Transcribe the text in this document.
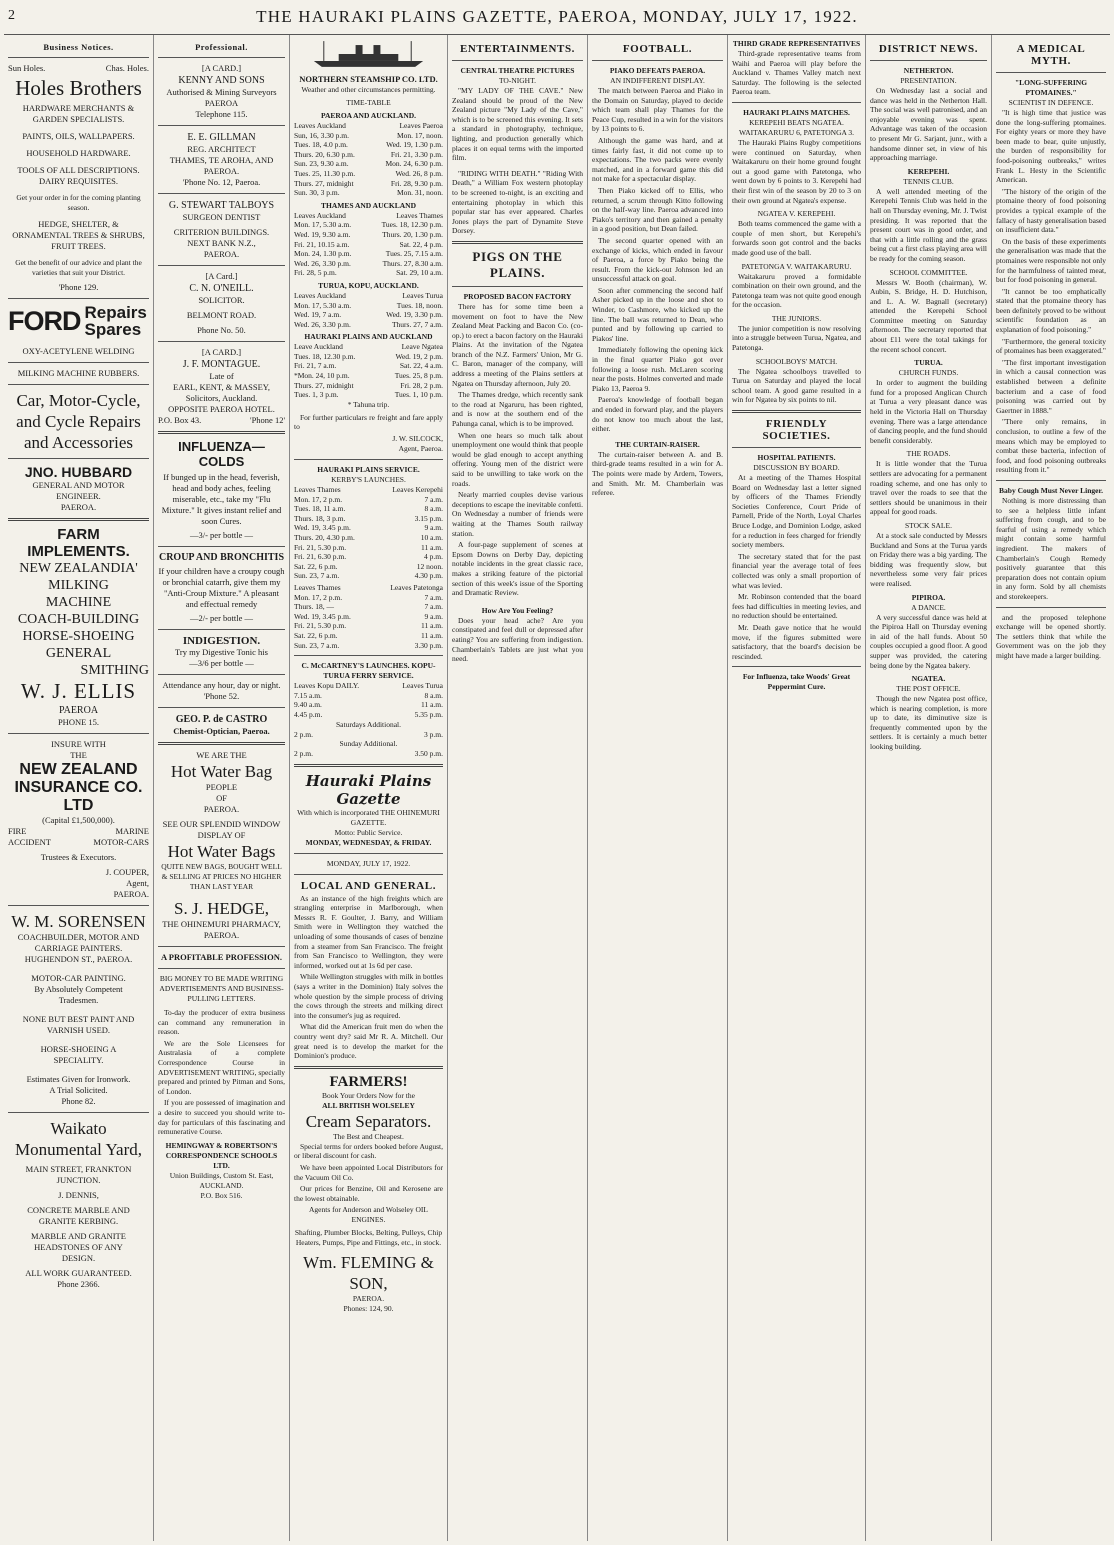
2	THE HAURAKI PLAINS GAZETTE, PAEROA, MONDAY, JULY 17, 1922.
Business Notices.
Sun Holes.	Chas. Holes.
Holes Brothers
HARDWARE MERCHANTS &
GARDEN SPECIALISTS.
PAINTS, OILS, WALLPAPERS.
HOUSEHOLD HARDWARE.
TOOLS OF ALL DESCRIPTIONS.
DAIRY REQUISITES.
Get your order in for the coming planting season.
HEDGE, SHELTER, & ORNAMENTAL TREES & SHRUBS, FRUIT TREES.
Get the benefit of our advice and plant the varieties that suit your District.
'Phone 129.
FORD Repairs
Spares
OXY-ACETYLENE WELDING
MILKING MACHINE RUBBERS.
Car, Motor-Cycle,
and Cycle Repairs
and Accessories
JNO. HUBBARD
GENERAL AND MOTOR
ENGINEER.
PAEROA.
FARM IMPLEMENTS.
NEW ZEALANDIA'
MILKING
MACHINE
COACH-BUILDING
HORSE-SHOEING
GENERAL
SMITHING
W. J. ELLIS
PAEROA
PHONE 15.
INSURE WITH
THE
NEW ZEALAND INSURANCE CO. LTD
(Capital £1,500,000).
FIRE	MARINE
ACCIDENT	MOTOR-CARS
Trustees & Executors.
J. COUPER,
Agent,
PAEROA.
W. M. SORENSEN
COACHBUILDER, MOTOR AND
CARRIAGE PAINTERS.
HUGHENDON ST., PAEROA.
MOTOR-CAR PAINTING.
By Absolutely Competent
Tradesmen.
NONE BUT BEST PAINT AND
VARNISH USED.
HORSE-SHOEING A
SPECIALITY.
Estimates Given for Ironwork.
A Trial Solicited.
Phone 82.
Waikato Monumental Yard,
MAIN STREET, FRANKTON
JUNCTION.
J. DENNIS,
CONCRETE MARBLE AND
GRANITE KERBING.
MARBLE AND GRANITE
HEADSTONES OF ANY
DESIGN.
ALL WORK GUARANTEED.
Phone 2366.
Professional.
[A CARD.]
KENNY AND SONS
Authorised & Mining Surveyors
PAEROA
Telephone 115.
E. E. GILLMAN
REG. ARCHITECT
THAMES, TE AROHA, AND PAEROA.
'Phone No. 12, Paeroa.
G. STEWART TALBOYS
SURGEON DENTIST
CRITERION BUILDINGS.
NEXT BANK N.Z.,
PAEROA.
[A Card.]
C. N. O'NEILL.
SOLICITOR.
BELMONT ROAD.
Phone No. 50.
[A CARD.]
J. F. MONTAGUE.
Late of
EARL, KENT, & MASSEY,
Solicitors, Auckland.
OPPOSITE PAEROA HOTEL.
P.O. Box 43.	'Phone 12'
INFLUENZA—COLDS
If bunged up in the head, feverish, head and body aches, feeling miserable, etc., take my "Flu Mixture." It gives instant relief and soon Cures.
—3/- per bottle —
CROUP AND BRONCHITIS
If your children have a croupy cough or bronchial catarrh, give them my "Anti-Croup Mixture." A pleasant and effectual remedy
—2/- per bottle —
INDIGESTION.
Try my Digestive Tonic his
—3/6 per bottle —
Attendance any hour, day or night. 'Phone 52.
GEO. P. de CASTRO
Chemist-Optician, Paeroa.
WE ARE THE
Hot Water Bag
PEOPLE
OF
PAEROA.
SEE OUR SPLENDID WINDOW
DISPLAY OF
Hot Water Bags
QUITE NEW BAGS, BOUGHT WELL & SELLING AT PRICES NO HIGHER THAN LAST YEAR
S. J. HEDGE,
THE OHINEMURI PHARMACY,
PAEROA.
A PROFITABLE PROFESSION.
BIG MONEY TO BE MADE WRITING ADVERTISEMENTS AND BUSINESS-PULLING LETTERS.
To-day the producer of extra business can command any remuneration in reason.
We are the Sole Licensees for Australasia of a complete Correspondence Course in ADVERTISEMENT WRITING, specially prepared and printed by Pitman and Sons, of London.
If you are possessed of imagination and a desire to succeed you should write to-day for particulars of this fascinating and remunerative Course.
HEMINGWAY & ROBERTSON'S CORRESPONDENCE SCHOOLS LTD.
Union Buildings, Custom St. East, AUCKLAND.
P.O. Box 516.
NORTHERN STEAMSHIP CO. LTD.
Weather and other circumstances permitting.
TIME-TABLE
PAEROA AND AUCKLAND.
Leaves Auckland	Leaves Paeroa
Sun, 16, 3.30 p.m.	Mon. 17, noon.
Tues. 18, 4.0 p.m.	Wed. 19, 1.30 p.m.
Thurs. 20, 6.30 p.m.	Fri. 21, 3.30 p.m.
Sun. 23, 9.30 a.m.	Mon. 24, 6.30 p.m.
Tues. 25, 11.30 p.m.	Wed. 26, 8 p.m.
Thurs. 27, midnight	Fri. 28, 9.30 p.m.
Sun. 30, 3 p.m.	Mon. 31, noon.
THAMES AND AUCKLAND
Leaves Auckland	Leaves Thames
Mon. 17, 5.30 a.m.	Tues. 18, 12.30 p.m.
Wed. 19, 9.30 a.m.	Thurs. 20, 1.30 p.m.
Fri. 21, 10.15 a.m.	Sat. 22, 4 p.m.
Mon. 24, 1.30 p.m.	Tues. 25, 7.15 a.m.
Wed. 26, 3.30 p.m.	Thurs. 27, 8.30 a.m.
Fri. 28, 5 p.m.	Sat. 29, 10 a.m.
TURUA, KOPU, AUCKLAND.
Leaves Auckland	Leaves Turua
Mon. 17, 5.30 a.m.	Tues. 18, noon.
Wed. 19, 7 a.m.	Wed. 19, 3.30 p.m.
Wed. 26, 3.30 p.m.	Thurs. 27, 7 a.m.
HAURAKI PLAINS AND AUCKLAND
Leave Auckland	Leave Ngatea
Tues. 18, 12.30 p.m.	Wed. 19, 2 p.m.
Fri. 21, 7 a.m.	Sat. 22, 4 a.m.
*Mon. 24, 10 p.m.	Tues. 25, 8 p.m.
Thurs. 27, midnight	Fri. 28, 2 p.m.
Tues. 1, 3 p.m.	Tues. 1, 10 p.m.
* Tahuna trip.
For further particulars re freight and fare apply to
J. W. SILCOCK,
Agent, Paeroa.
HAURAKI PLAINS SERVICE.
KERBY'S LAUNCHES.
Leaves Thames	Leaves Kerepehi
Mon. 17, 2 p.m.	7 a.m.
Tues. 18, 11 a.m.	8 a.m.
Thurs. 18, 3 p.m.	3.15 p.m.
Wed. 19, 3.45 p.m.	9 a.m.
Thurs. 20, 4.30 p.m.	10 a.m.
Fri. 21, 5.30 p.m.	11 a.m.
Fri. 21, 6.30 p.m.	4 p.m.
Sat. 22, 6 p.m.	12 noon.
Sun. 23, 7 a.m.	4.30 p.m.
Leaves Thames	Leaves Patetonga
Mon. 17, 2 p.m.	7 a.m.
Thurs. 18, —	7 a.m.
Wed. 19, 3.45 p.m.	9 a.m.
Fri. 21, 5.30 p.m.	11 a.m.
Sat. 22, 6 p.m.	11 a.m.
Sun. 23, 7 a.m.	3.30 p.m.
C. McCARTNEY'S LAUNCHES. KOPU-TURUA FERRY SERVICE.
Leaves Kopu DAILY.	Leaves Turua
7.15 a.m.	8 a.m.
9.40 a.m.	11 a.m.
4.45 p.m.	5.35 p.m.
Saturdays Additional.
2 p.m.	3 p.m.
Sunday Additional.
2 p.m.	3.50 p.m.
Hauraki Plains Gazette
With which is incorporated THE OHINEMURI GAZETTE.
Motto: Public Service.
MONDAY, WEDNESDAY, & FRIDAY.
MONDAY, JULY 17, 1922.
LOCAL AND GENERAL.
As an instance of the high freights which are strangling enterprise in Marlborough, when Messrs R. F. Goulter, J. Barry, and William Smith were in Wellington they watched the unloading of some thousands of cases of benzine from a steamer from San Francisco. The freight from San Francisco to Wellington, they were informed, worked out at 1s 6d per case.
While Wellington struggles with milk in bottles (says a writer in the Dominion) Italy solves the whole question by the simple process of driving the cows through the streets and milking direct into the consumer's jug as required.
What did the American fruit men do when the country went dry? said Mr R. A. Mitchell. Our great need is to develop the market for the Dominion's produce.
FARMERS!
Book Your Orders Now for the
ALL BRITISH WOLSELEY
Cream Separators.
The Best and Cheapest.
Special terms for orders booked before August, or liberal discount for cash.
We have been appointed Local Distributors for the Vacuum Oil Co.
Our prices for Benzine, Oil and Kerosene are the lowest obtainable.
Agents for Anderson and Wolseley OIL ENGINES.
Shafting, Plumber Blocks, Belting, Pulleys, Chip Heaters, Pumps, Pipe and Fittings, etc., in stock.
Wm. FLEMING & SON,
PAEROA.
Phones: 124, 90.
ENTERTAINMENTS.
CENTRAL THEATRE PICTURES
TO-NIGHT.
"MY LADY OF THE CAVE." New Zealand should be proud of the New Zealand picture "My Lady of the Cave," which is to be screened this evening. It sets a standard in photography, technique, lighting, and production generally which places it on equal terms with the imported film.
"RIDING WITH DEATH." "Riding With Death," a William Fox western photoplay to be screened to-night, is an exciting and entertaining photoplay in which this popular star has ever appeared. Charles Jones plays the part of Dynamite Steve Dorsey.
PIGS ON THE PLAINS.
PROPOSED BACON FACTORY
There has for some time been a movement on foot to have the New Zealand Meat Packing and Bacon Co. (co-op.) to erect a bacon factory on the Hauraki Plains. At the invitation of the Ngatea branch of the N.Z. Farmers' Union, Mr G. C. Baron, manager of the company, will address a meeting of the Plains settlers at Ngatea on Thursday afternoon, July 20.
The Thames dredge, which recently sank to the road at Ngaruru, has been righted, and is now at the southern end of the Pahunga canal, which is to be improved.
When one hears so much talk about unemployment one would think that people would be glad enough to accept anything offering. Young men of the district were said to be unwilling to take work on the roads.
Nearly married couples devise various deceptions to escape the inevitable confetti. On Wednesday a number of friends were waiting at the Thames South railway station.
A four-page supplement of scenes at Epsom Downs on Derby Day, depicting notable incidents in the great classic race, makes a striking feature of the pictorial section of this week's issue of the Sporting and Dramatic Review.
How Are You Feeling?
Does your head ache? Are you constipated and feel dull or depressed after eating? You are suffering from indigestion. Chamberlain's Tablets are just what you need.
FOOTBALL.
PIAKO DEFEATS PAEROA.
AN INDIFFERENT DISPLAY.
The match between Paeroa and Piako in the Domain on Saturday, played to decide which team shall play Thames for the Peace Cup, resulted in a win for the visitors by 13 points to 6.
Although the game was hard, and at times fairly fast, it did not come up to expectations. The two packs were evenly matched, and in a forward game this did not make for a spectacular display.
Then Piako kicked off to Ellis, who returned, a scrum through Kitto following on the half-way line. Paeroa advanced into Piako's territory and then gained a penalty in a good position, but Dean failed.
The second quarter opened with an exchange of kicks, which ended in favour of Paeroa, a force by Piako being the result. From the kick-out Johnson led an unsuccessful attack on goal.
Soon after commencing the second half Asher picked up in the loose and shot to Winder, to Cashmore, who kicked up the line. The ball was returned to Dean, who punted and by following up carried to Piakos' line.
Immediately following the opening kick in the final quarter Piako got over following a loose rush. McLaren scoring near the posts. Holmes converted and made Piako 13, Paeroa 9.
Paeroa's knowledge of football began and ended in forward play, and the players do not know too much about the last, either.
THE CURTAIN-RAISER.
The curtain-raiser between A. and B. third-grade teams resulted in a win for A. The points were made by Ardern, Towers, and Smith. Mr. M. Chamberlain was referee.
THIRD GRADE REPRESENTATIVES
Third-grade representative teams from Waihi and Paeroa will play before the Auckland v. Thames Valley match next Saturday. The following is the selected Paeroa team.
HAURAKI PLAINS MATCHES.
KEREPEHI BEATS NGATEA.
WAITAKARURU 6, PATETONGA 3.
The Hauraki Plains Rugby competitions were continued on Saturday, when Waitakaruru on their home ground fought out a good game with Patetonga, who went down by 6 points to 3. Kerepehi had their first win of the season by 20 to 3 on their own ground at Ngatea's expense.
NGATEA V. KEREPEHI.
Both teams commenced the game with a couple of men short, but Kerepehi's forwards soon got control and the backs made good use of the ball.
PATETONGA V. WAITAKARURU.
Waitakaruru proved a formidable combination on their own ground, and the Patetonga team was not quite good enough for the occasion.
THE JUNIORS.
The junior competition is now resolving into a struggle between Turua, Ngatea, and Patetonga.
SCHOOLBOYS' MATCH.
The Ngatea schoolboys travelled to Turua on Saturday and played the local school team. A good game resulted in a win for Ngatea by six points to nil.
FRIENDLY SOCIETIES.
HOSPITAL PATIENTS.
DISCUSSION BY BOARD.
At a meeting of the Thames Hospital Board on Wednesday last a letter signed by officers of the Thames Friendly Societies Conference, Court Pride of Parnell, Pride of the North, Loyal Charles Bruce Lodge, and Dominion Lodge, asked for a reduction in fees charged for friendly society members.
The secretary stated that for the past financial year the average total of fees collected was only a small proportion of what was levied.
Mr. Robinson contended that the board fees had difficulties in meeting levies, and no reduction should be entertained.
Mr. Death gave notice that he would move, if the figures submitted were satisfactory, that the board's decision be rescinded.
For Influenza, take Woods' Great Peppermint Cure.
DISTRICT NEWS.
NETHERTON.
PRESENTATION.
On Wednesday last a social and dance was held in the Netherton Hall. The social was well patronised, and an enjoyable evening was spent. Advantage was taken of the occasion to present Mr G. Sarjant, junr., with a handsome dinner set, in view of his approaching marriage.
KEREPEHI.
TENNIS CLUB.
A well attended meeting of the Kerepehi Tennis Club was held in the hall on Thursday evening, Mr. J. Twist presiding. It was reported that the present court was in good order, and that with a little rolling and the grass being cut a first class playing area will be ready for the coming season.
SCHOOL COMMITTEE.
Messrs W. Booth (chairman), W. Aubin, S. Bridge, H. D. Hutchison, and L. A. W. Bagnall (secretary) attended the Kerepehi School Committee meeting on Saturday afternoon. The secretary reported that about £11 were the total takings for the recent school concert.
TURUA.
CHURCH FUNDS.
In order to augment the building fund for a proposed Anglican Church at Turua a very pleasant dance was held in the Victoria Hall on Thursday evening. There was a large attendance of dancing people, and the fund should benefit considerably.
THE ROADS.
It is little wonder that the Turua settlers are advocating for a permanent roading scheme, and one has only to travel over the roads to see that the settlers should be unanimous in their appeal for good roads.
STOCK SALE.
At a stock sale conducted by Messrs Buckland and Sons at the Turua yards on Friday there was a big yarding. The bidding was frequently slow, but nevertheless some very fair prices were realised.
PIPIROA.
A DANCE.
A very successful dance was held at the Pipiroa Hall on Thursday evening in aid of the hall funds. About 50 couples occupied a good floor. A good supper was provided, the catering being done by the Ngatea bakery.
NGATEA.
THE POST OFFICE.
Though the new Ngatea post office, which is nearing completion, is more up to date, its diminutive size is frequently commented upon by the settlers. It is certainly a much better looking building.
A MEDICAL MYTH.
"LONG-SUFFERING PTOMAINES."
SCIENTIST IN DEFENCE.
"It is high time that justice was done the long-suffering ptomaines. For eighty years or more they have been made to bear, quite unjustly, the burden of responsibility for food-poisoning outbreaks," writes Frank L. Hesty in the Scientific American.
"The history of the origin of the ptomaine theory of food poisoning provides a typical example of the fallacy of hasty generalisation based on insufficient data."
On the basis of these experiments the generalisation was made that the ptomaines were responsible not only for the harmfulness of tainted meat, but for food poisoning in general.
"It cannot be too emphatically stated that the ptomaine theory has been definitely proved to be without scientific foundation as an explanation of food poisoning."
"Furthermore, the general toxicity of ptomaines has been exaggerated."
"The first important investigation in which a causal connection was established between a definite bacterium and a case of food poisoning was carried out by Gaertner in 1888."
"There only remains, in conclusion, to outline a few of the means which may be employed to combat these bacteria, infection of food, and food poisoning outbreaks resulting from it."
Baby Cough Must Never Linger.
Nothing is more distressing than to see a helpless little infant suffering from cough, and to be fearful of using a remedy which might contain some harmful ingredient. The makers of Chamberlain's Cough Remedy positively guarantee that this preparation does not contain opium in any form. Sold by all chemists and storekeepers.
and the proposed telephone exchange will be opened shortly. The settlers think that while the Government was on the job they might have made a larger building.
